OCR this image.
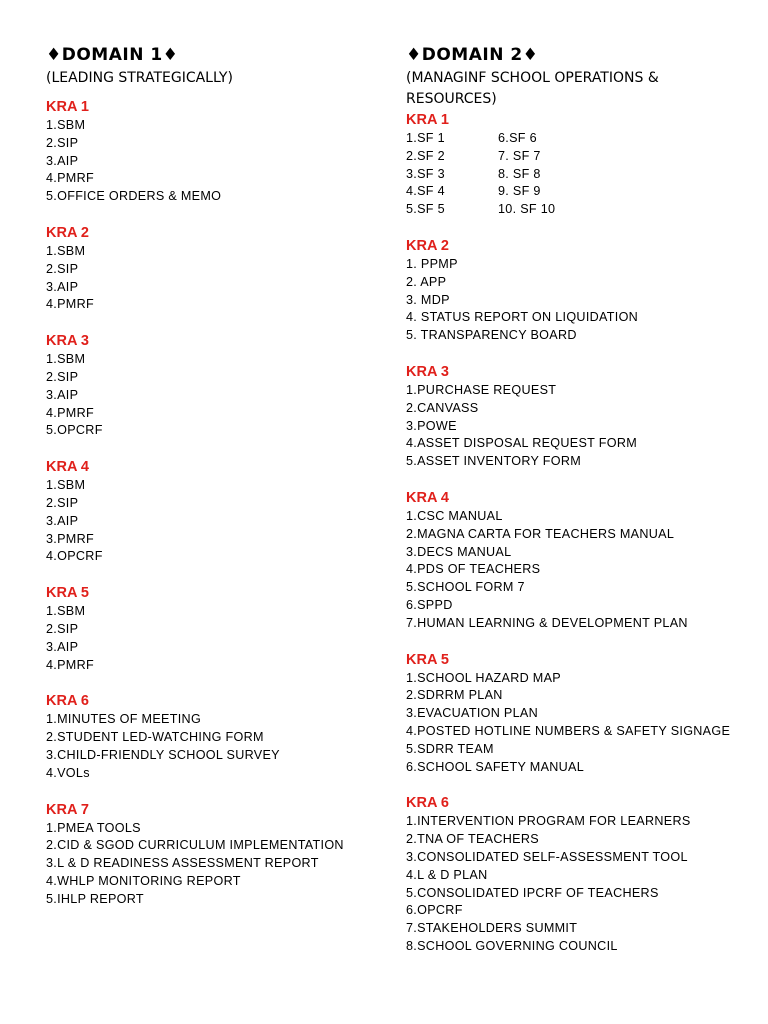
♦DOMAIN 1♦
(LEADING STRATEGICALLY)
KRA 1
1.SBM
2.SIP
3.AIP
4.PMRF
5.OFFICE ORDERS & MEMO
KRA 2
1.SBM
2.SIP
3.AIP
4.PMRF
KRA 3
1.SBM
2.SIP
3.AIP
4.PMRF
5.OPCRF
KRA 4
1.SBM
2.SIP
3.AIP
3.PMRF
4.OPCRF
KRA 5
1.SBM
2.SIP
3.AIP
4.PMRF
KRA 6
1.MINUTES OF MEETING
2.STUDENT LED-WATCHING FORM
3.CHILD-FRIENDLY SCHOOL SURVEY
4.VOLs
KRA 7
1.PMEA TOOLS
2.CID & SGOD CURRICULUM IMPLEMENTATION
3.L & D READINESS ASSESSMENT REPORT
4.WHLP MONITORING REPORT
5.IHLP REPORT
♦DOMAIN 2♦
(MANAGINF SCHOOL OPERATIONS &
RESOURCES)
KRA 1
1.SF 1	6.SF 6
2.SF 2	7. SF 7
3.SF 3	8. SF 8
4.SF 4	9. SF 9
5.SF 5	10. SF 10
KRA 2
1. PPMP
2. APP
3. MDP
4. STATUS REPORT ON LIQUIDATION
5. TRANSPARENCY BOARD
KRA 3
1.PURCHASE REQUEST
2.CANVASS
3.POWE
4.ASSET DISPOSAL REQUEST FORM
5.ASSET INVENTORY FORM
KRA 4
1.CSC MANUAL
2.MAGNA CARTA FOR TEACHERS MANUAL
3.DECS MANUAL
4.PDS OF TEACHERS
5.SCHOOL FORM 7
6.SPPD
7.HUMAN LEARNING & DEVELOPMENT PLAN
KRA 5
1.SCHOOL HAZARD MAP
2.SDRRM PLAN
3.EVACUATION PLAN
4.POSTED HOTLINE NUMBERS & SAFETY SIGNAGE
5.SDRR TEAM
6.SCHOOL SAFETY MANUAL
KRA 6
1.INTERVENTION PROGRAM FOR LEARNERS
2.TNA OF TEACHERS
3.CONSOLIDATED SELF-ASSESSMENT TOOL
4.L & D PLAN
5.CONSOLIDATED IPCRF OF TEACHERS
6.OPCRF
7.STAKEHOLDERS SUMMIT
8.SCHOOL GOVERNING COUNCIL
